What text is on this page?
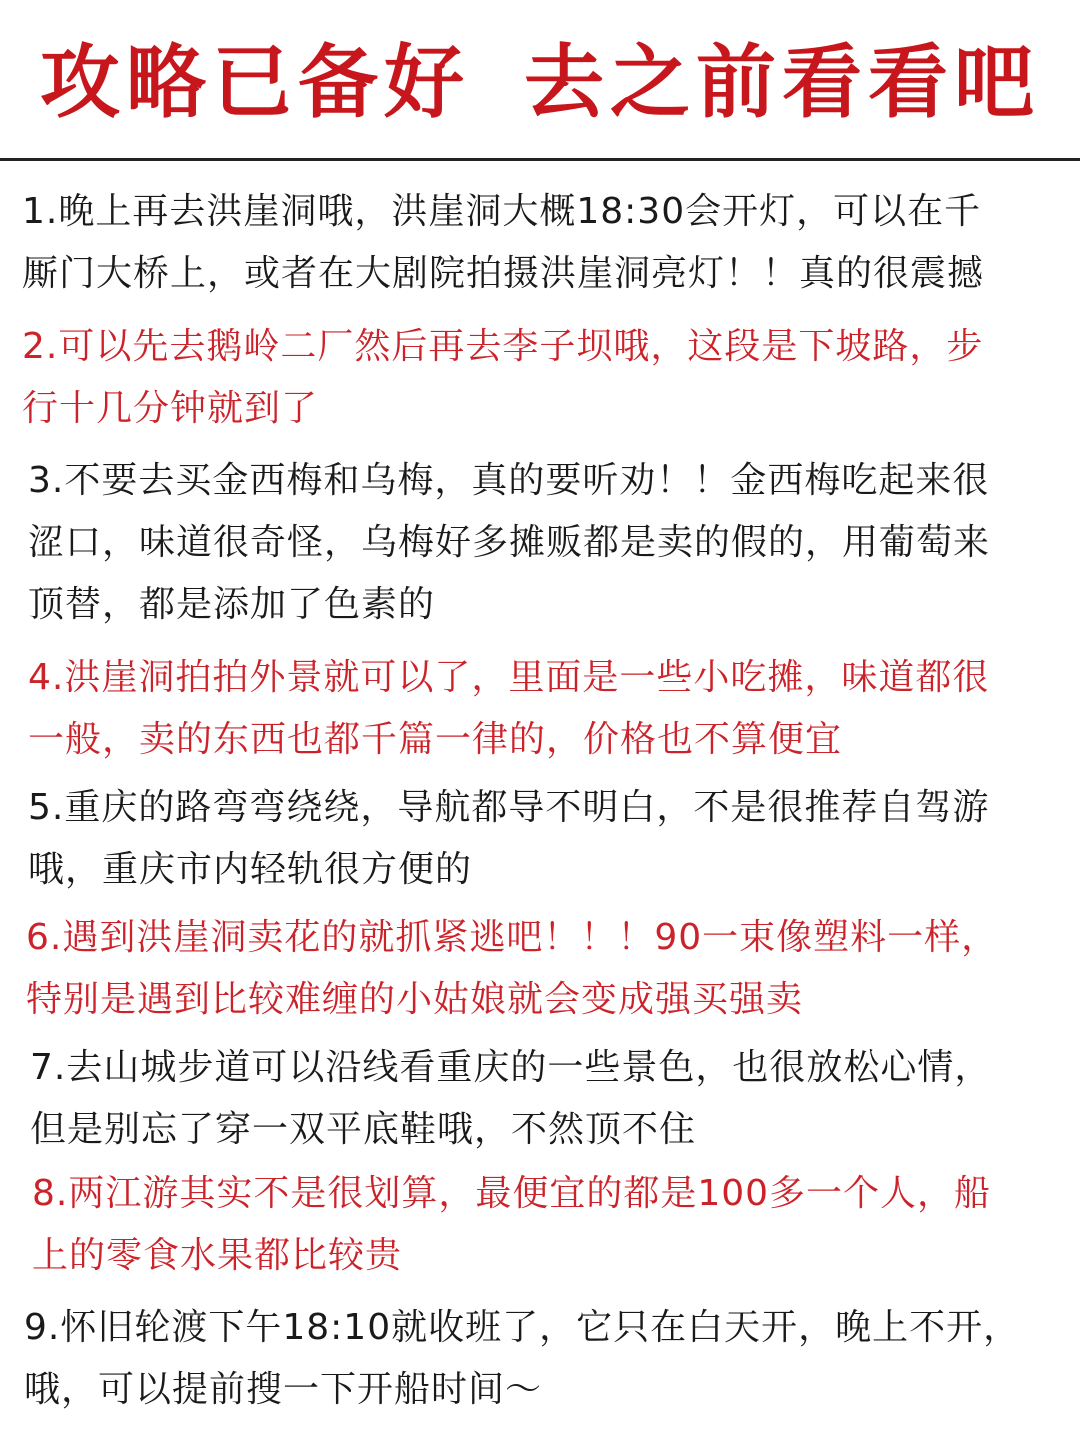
攻略已备好 去之前看看吧
1.晚上再去洪崖洞哦，洪崖洞大概18:30会开灯，可以在千
厮门大桥上，或者在大剧院拍摄洪崖洞亮灯！！真的很震撼
2.可以先去鹅岭二厂然后再去李子坝哦，这段是下坡路，步
行十几分钟就到了
3.不要去买金西梅和乌梅，真的要听劝！！金西梅吃起来很
涩口，味道很奇怪，乌梅好多摊贩都是卖的假的，用葡萄来
顶替，都是添加了色素的
4.洪崖洞拍拍外景就可以了，里面是一些小吃摊，味道都很
一般，卖的东西也都千篇一律的，价格也不算便宜
5.重庆的路弯弯绕绕，导航都导不明白，不是很推荐自驾游
哦，重庆市内轻轨很方便的
6.遇到洪崖洞卖花的就抓紧逃吧！！！90一束像塑料一样，
特别是遇到比较难缠的小姑娘就会变成强买强卖
7.去山城步道可以沿线看重庆的一些景色，也很放松心情，
但是别忘了穿一双平底鞋哦，不然顶不住
8.两江游其实不是很划算，最便宜的都是100多一个人，船
上的零食水果都比较贵
9.怀旧轮渡下午18:10就收班了，它只在白天开，晚上不开，
哦，可以提前搜一下开船时间～
